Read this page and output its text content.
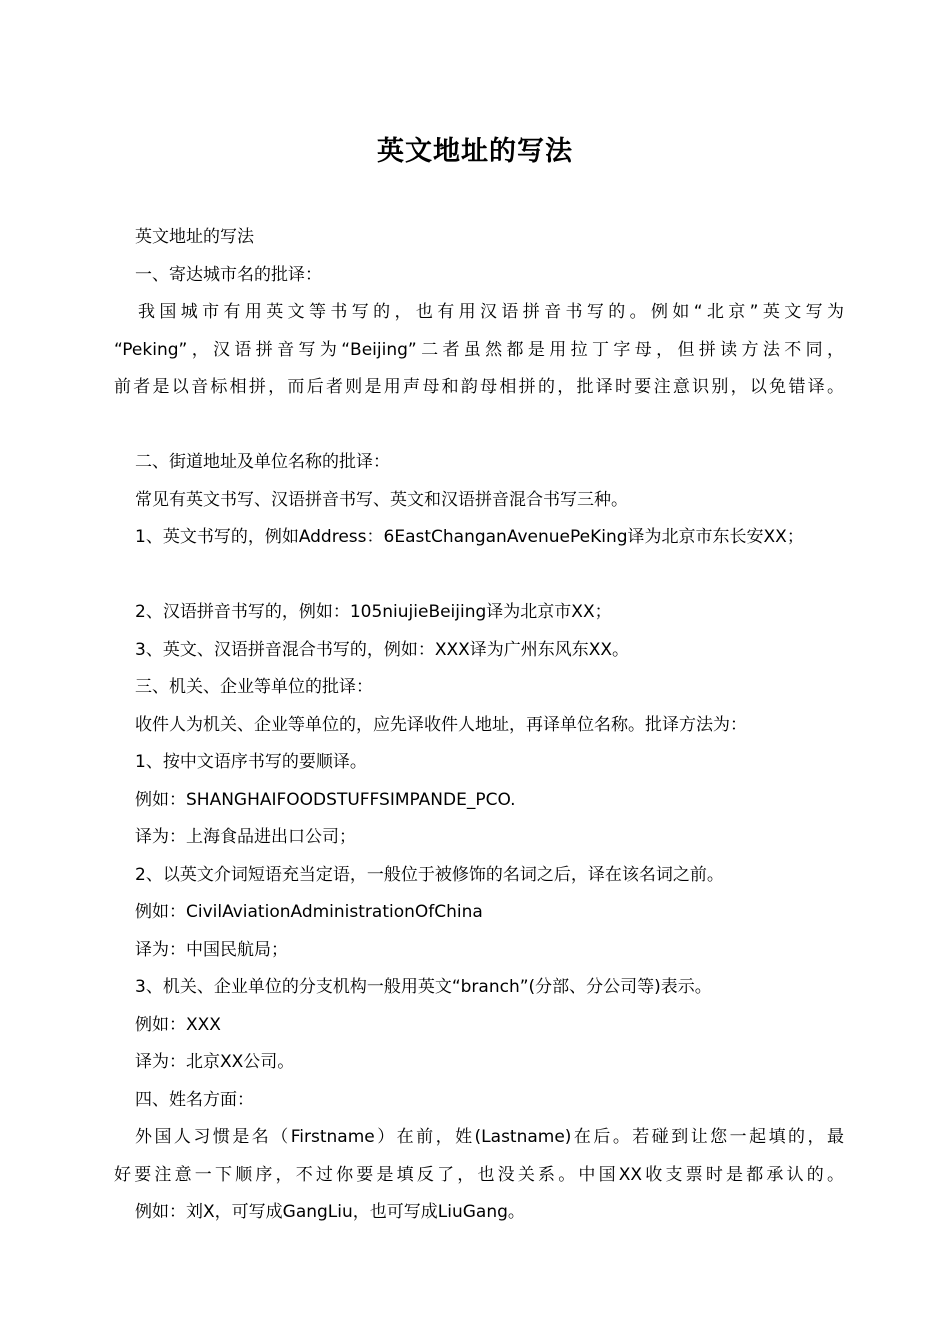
英文地址的写法
英文地址的写法
一、寄达城市名的批译：
我国城市有用英文等书写的，也有用汉语拼音书写的。例如“北京”英文写为
“Peking”，汉语拼音写为“Beijing”二者虽然都是用拉丁字母，但拼读方法不同，
前者是以音标相拼，而后者则是用声母和韵母相拼的，批译时要注意识别，以免错译。
二、街道地址及单位名称的批译：
常见有英文书写、汉语拼音书写、英文和汉语拼音混合书写三种。
1、英文书写的，例如Address：6EastChanganAvenuePeKing译为北京市东长安XX；
2、汉语拼音书写的，例如：105niujieBeijing译为北京市XX；
3、英文、汉语拼音混合书写的，例如：XXX译为广州东风东XX。
三、机关、企业等单位的批译：
收件人为机关、企业等单位的，应先译收件人地址，再译单位名称。批译方法为：
1、按中文语序书写的要顺译。
例如：SHANGHAIFOODSTUFFSIMPANDE_PCO.
译为：上海食品进出口公司；
2、以英文介词短语充当定语，一般位于被修饰的名词之后，译在该名词之前。
例如：CivilAviationAdministrationOfChina
译为：中国民航局；
3、机关、企业单位的分支机构一般用英文“branch”(分部、分公司等)表示。
例如：XXX
译为：北京XX公司。
四、姓名方面：
外国人习惯是名（Firstname）在前，姓(Lastname)在后。若碰到让您一起填的，最
好要注意一下顺序，不过你要是填反了，也没关系。中国XX收支票时是都承认的。
例如：刘X，可写成GangLiu，也可写成LiuGang。
